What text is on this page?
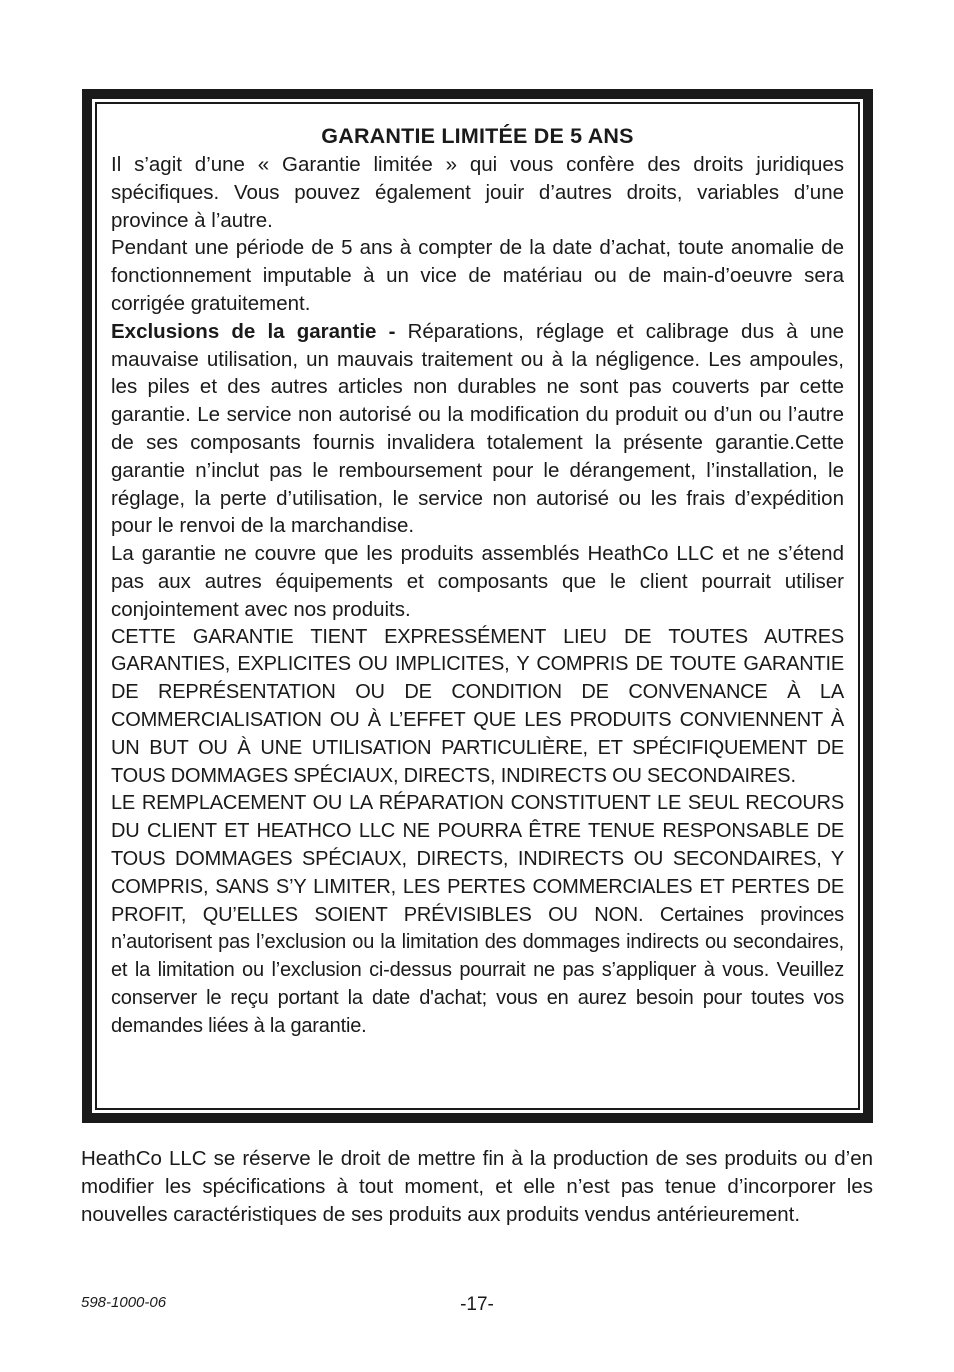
GARANTIE LIMITÉE DE 5 ANS

Il s’agit d’une « Garantie limitée » qui vous confère des droits juridiques spécifiques. Vous pouvez également jouir d’autres droits, variables d’une province à l’autre.

Pendant une période de 5 ans à compter de la date d’achat, toute anomalie de fonctionnement imputable à un vice de matériau ou de main-d’oeuvre sera corrigée gratuitement.

Exclusions de la garantie - Réparations, réglage et calibrage dus à une mauvaise utilisation, un mauvais traitement ou à la négligence. Les ampoules, les piles et des autres articles non durables ne sont pas couverts par cette garantie. Le service non autorisé ou la modification du produit ou d’un ou l’autre de ses composants fournis invalidera totalement la présente garantie.Cette garantie n’inclut pas le remboursement pour le dérangement, l’installation, le réglage, la perte d’utilisation, le service non autorisé ou les frais d’expédition pour le renvoi de la marchandise.

La garantie ne couvre que les produits assemblés HeathCo LLC et ne s’étend pas aux autres équipements et composants que le client pourrait utiliser conjointement avec nos produits.

CETTE GARANTIE TIENT EXPRESSÉMENT LIEU DE TOUTES AUTRES GARANTIES, EXPLICITES OU IMPLICITES, Y COMPRIS DE TOUTE GARANTIE DE REPRÉSENTATION OU DE CONDITION DE CONVENANCE À LA COMMERCIALISATION OU À L’EFFET QUE LES PRODUITS CONVIENNENT À UN BUT OU À UNE UTILISATION PARTICULIÈRE, ET SPÉCIFIQUEMENT DE TOUS DOMMAGES SPÉCIAUX, DIRECTS, INDIRECTS OU SECONDAIRES.

LE REMPLACEMENT OU LA RÉPARATION CONSTITUENT LE SEUL RECOURS DU CLIENT ET HEATHCO LLC NE POURRA ÊTRE TENUE RESPONSABLE DE TOUS DOMMAGES SPÉCIAUX, DIRECTS, INDIRECTS OU SECONDAIRES, Y COMPRIS, SANS S’Y LIMITER, LES PERTES COMMERCIALES ET PERTES DE PROFIT, QU’ELLES SOIENT PRÉVISIBLES OU NON. Certaines provinces n’autorisent pas l’exclusion ou la limitation des dommages indirects ou secondaires, et la limitation ou l’exclusion ci-dessus pourrait ne pas s’appliquer à vous. Veuillez conserver le reçu portant la date d'achat; vous en aurez besoin pour toutes vos demandes liées à la garantie.

HeathCo LLC se réserve le droit de mettre fin à la production de ses produits ou d’en modifier les spécifications à tout moment, et elle n’est pas tenue d’incorporer les nouvelles caractéristiques de ses produits aux produits vendus antérieurement.

598-1000-06	-17-
